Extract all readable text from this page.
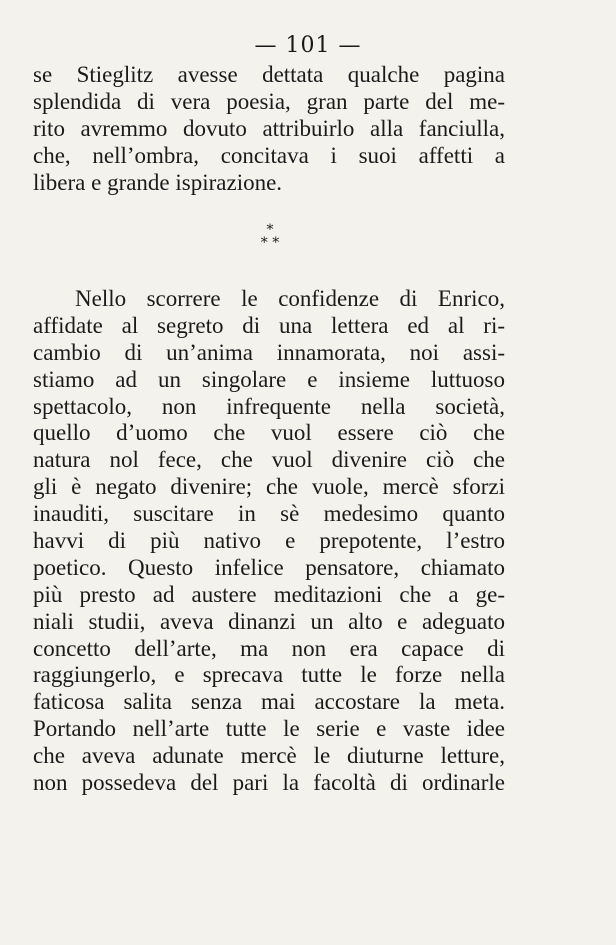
— 101 —
se Stieglitz avesse dettata qualche pagina
splendida di vera poesia, gran parte del me-
rito avremmo dovuto attribuirlo alla fanciulla,
che, nell’ombra, concitava i suoi affetti a
libera e grande ispirazione.
*
* *
Nello scorrere le confidenze di Enrico,
affidate al segreto di una lettera ed al ri-
cambio di un’anima innamorata, noi assi-
stiamo ad un singolare e insieme luttuoso
spettacolo, non infrequente nella società,
quello d’uomo che vuol essere ciò che
natura nol fece, che vuol divenire ciò che
gli è negato divenire; che vuole, mercè sforzi
inauditi, suscitare in sè medesimo quanto
havvi di più nativo e prepotente, l’estro
poetico. Questo infelice pensatore, chiamato
più presto ad austere meditazioni che a ge-
niali studii, aveva dinanzi un alto e adeguato
concetto dell’arte, ma non era capace di
raggiungerlo, e sprecava tutte le forze nella
faticosa salita senza mai accostare la meta.
Portando nell’arte tutte le serie e vaste idee
che aveva adunate mercè le diuturne letture,
non possedeva del pari la facoltà di ordinarle
